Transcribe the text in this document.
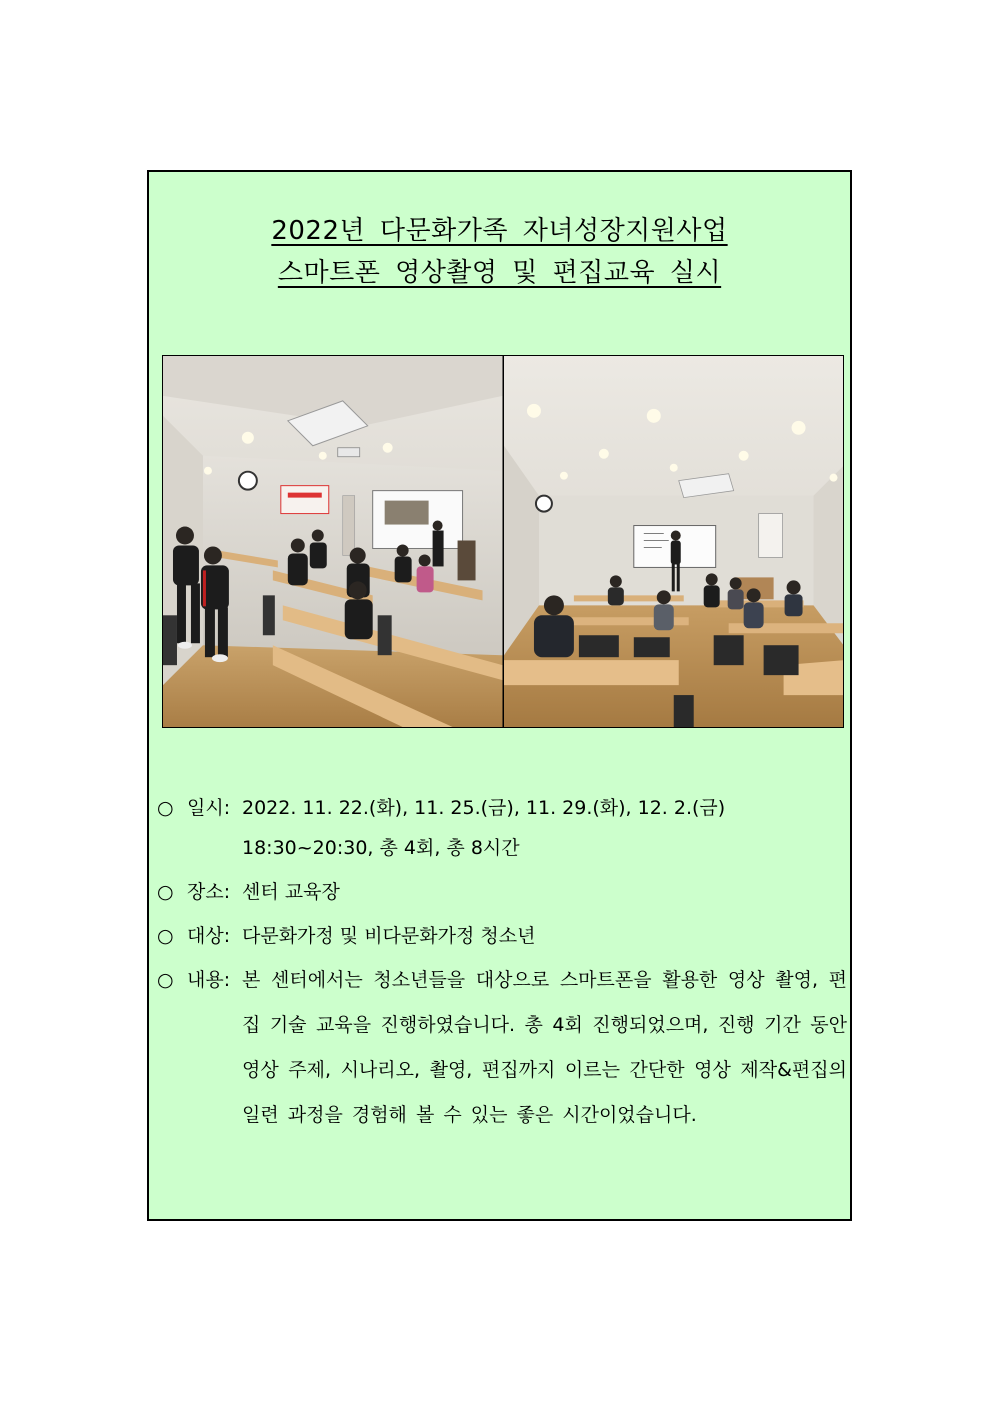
2022년 다문화가족 자녀성장지원사업
스마트폰 영상촬영 및 편집교육 실시
○ 일시: 2022. 11. 22.(화), 11. 25.(금), 11. 29.(화), 12. 2.(금)
18:30~20:30, 총 4회, 총 8시간
○ 장소: 센터 교육장
○ 대상: 다문화가정 및 비다문화가정 청소년
○ 내용: 본 센터에서는 청소년들을 대상으로 스마트폰을 활용한 영상 촬영, 편집 기술 교육을 진행하였습니다. 총 4회 진행되었으며, 진행 기간 동안 영상 주제, 시나리오, 촬영, 편집까지 이르는 간단한 영상 제작&편집의 일련 과정을 경험해 볼 수 있는 좋은 시간이었습니다.
